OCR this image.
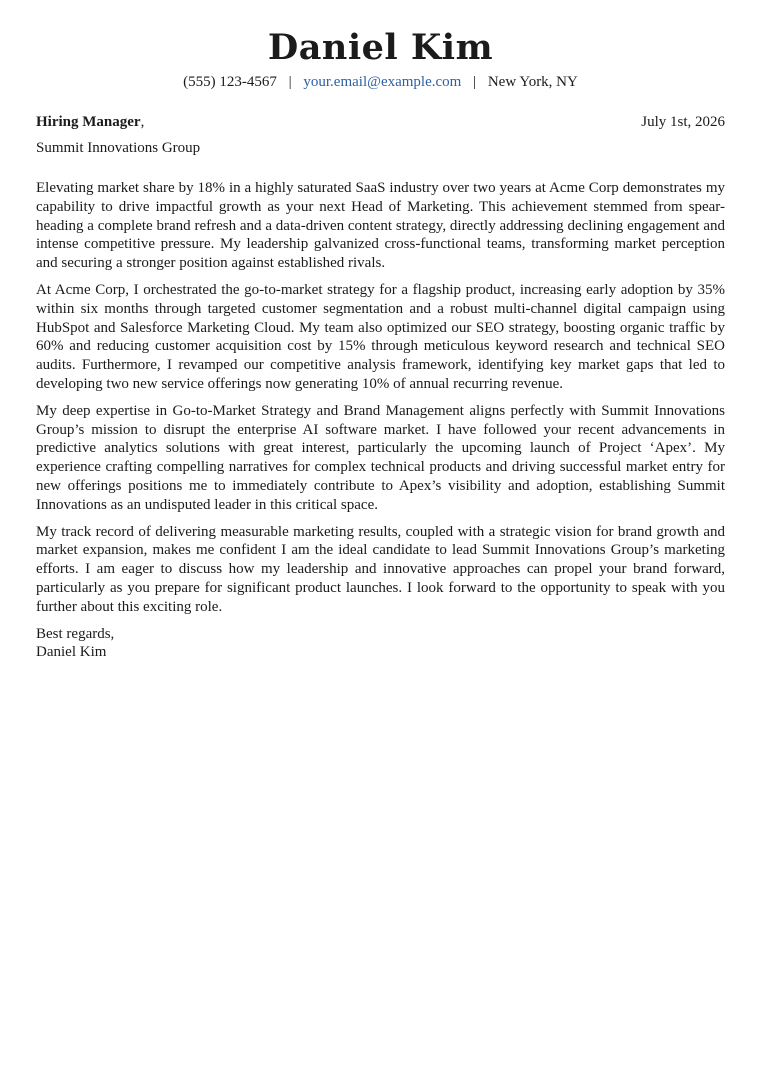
Daniel Kim
(555) 123-4567 | your.email@example.com | New York, NY
Hiring Manager,	July 1st, 2026
Summit Innovations Group

Elevating market share by 18% in a highly saturated SaaS industry over two years at Acme Corp demonstrates my capability to drive impactful growth as your next Head of Marketing. This achievement stemmed from spear-heading a complete brand refresh and a data-driven content strategy, directly addressing declining engagement and intense competitive pressure. My leadership galvanized cross-functional teams, transforming market perception and securing a stronger position against established rivals.

At Acme Corp, I orchestrated the go-to-market strategy for a flagship product, increasing early adoption by 35% within six months through targeted customer segmentation and a robust multi-channel digital campaign using HubSpot and Salesforce Marketing Cloud. My team also optimized our SEO strategy, boosting organic traffic by 60% and reducing customer acquisition cost by 15% through meticulous keyword research and technical SEO audits. Furthermore, I revamped our competitive analysis framework, identifying key market gaps that led to developing two new service offerings now generating 10% of annual recurring revenue.

My deep expertise in Go-to-Market Strategy and Brand Management aligns perfectly with Summit Innovations Group’s mission to disrupt the enterprise AI software market. I have followed your recent advancements in predictive analytics solutions with great interest, particularly the upcoming launch of Project ‘Apex’. My experience crafting compelling narratives for complex technical products and driving successful market entry for new offerings positions me to immediately contribute to Apex’s visibility and adoption, establishing Summit Innovations as an undisputed leader in this critical space.

My track record of delivering measurable marketing results, coupled with a strategic vision for brand growth and market expansion, makes me confident I am the ideal candidate to lead Summit Innovations Group’s marketing efforts. I am eager to discuss how my leadership and innovative approaches can propel your brand forward, particularly as you prepare for significant product launches. I look forward to the opportunity to speak with you further about this exciting role.

Best regards,
Daniel Kim
